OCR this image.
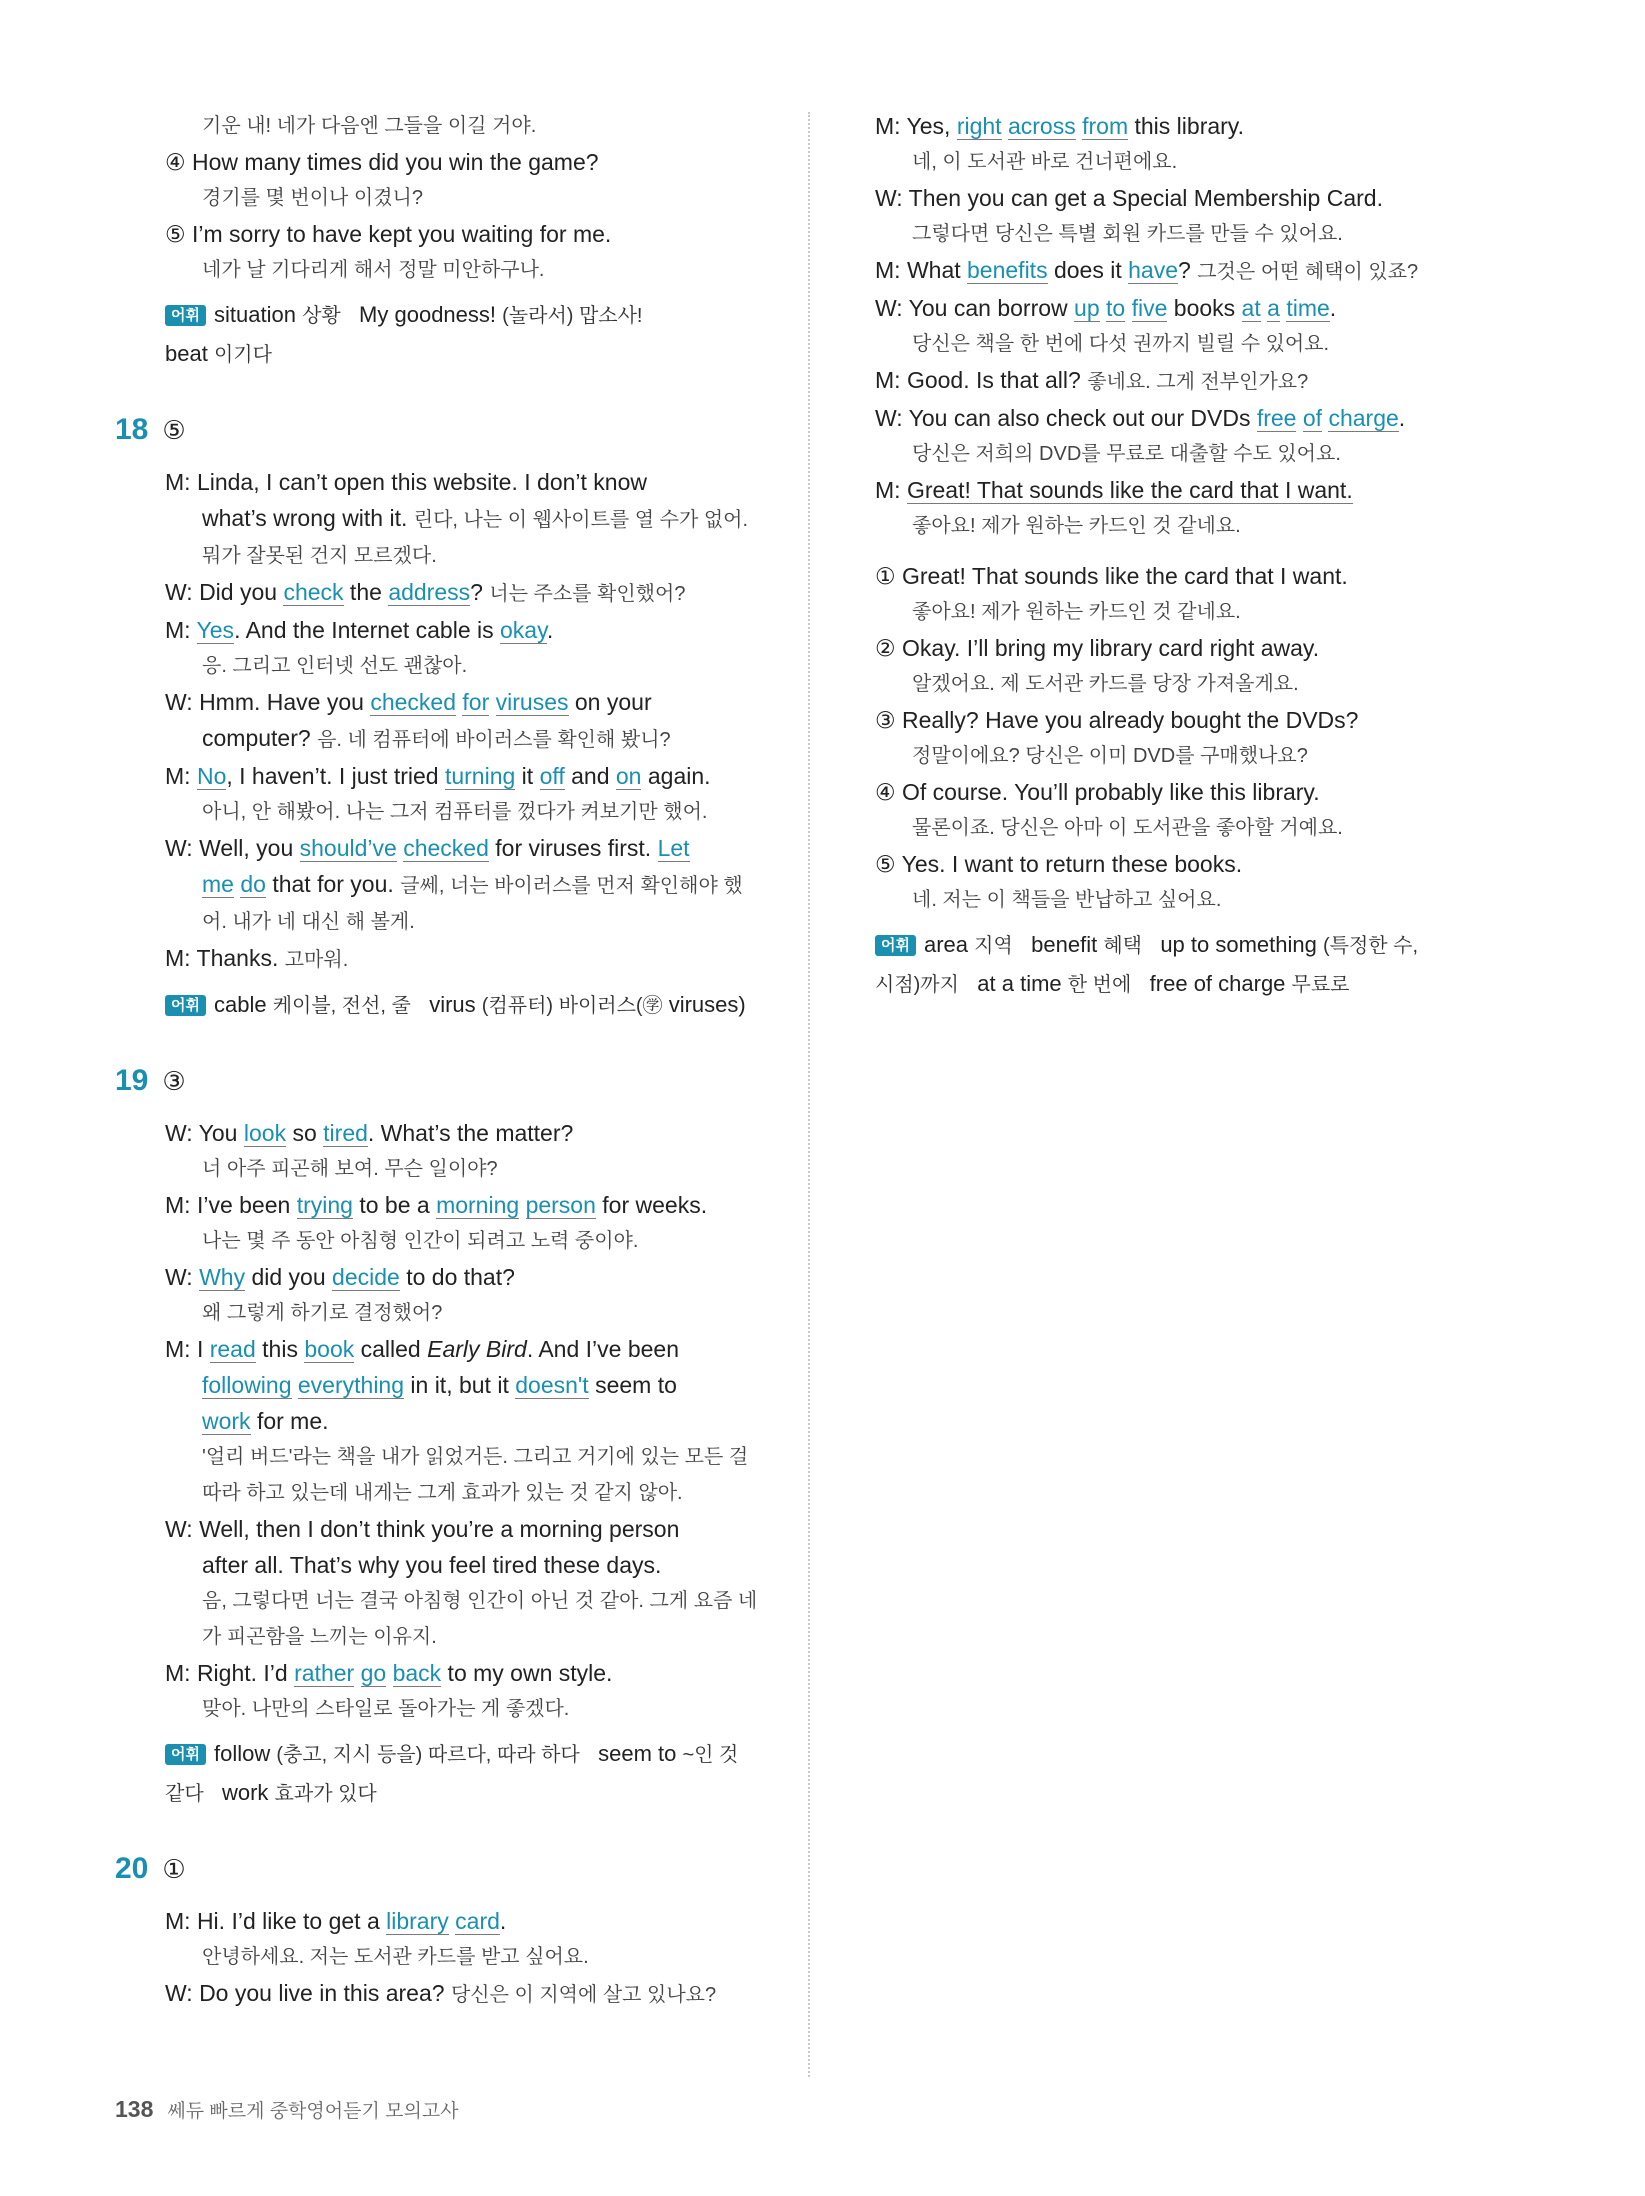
기운 내! 네가 다음엔 그들을 이길 거야.
④ How many times did you win the game?
경기를 몇 번이나 이겼니?
⑤ I’m sorry to have kept you waiting for me.
네가 날 기다리게 해서 정말 미안하구나.
어휘 situation 상황 My goodness! (놀라서) 맙소사!
beat 이기다
18 ⑤
M: Linda, I can’t open this website. I don’t know
what’s wrong with it. 린다, 나는 이 웹사이트를 열 수가 없어.
뭐가 잘못된 건지 모르겠다.
W: Did you check the address? 너는 주소를 확인했어?
M: Yes. And the Internet cable is okay.
응. 그리고 인터넷 선도 괜찮아.
W: Hmm. Have you checked for viruses on your
computer? 음. 네 컴퓨터에 바이러스를 확인해 봤니?
M: No, I haven’t. I just tried turning it off and on again.
아니, 안 해봤어. 나는 그저 컴퓨터를 껐다가 켜보기만 했어.
W: Well, you should’ve checked for viruses first. Let
me do that for you. 글쎄, 너는 바이러스를 먼저 확인해야 했
어. 내가 네 대신 해 볼게.
M: Thanks. 고마워.
어휘 cable 케이블, 전선, 줄 virus (컴퓨터) 바이러스(㊫ viruses)
19 ③
W: You look so tired. What’s the matter?
너 아주 피곤해 보여. 무슨 일이야?
M: I’ve been trying to be a morning person for weeks.
나는 몇 주 동안 아침형 인간이 되려고 노력 중이야.
W: Why did you decide to do that?
왜 그렇게 하기로 결정했어?
M: I read this book called Early Bird. And I’ve been
following everything in it, but it doesn't seem to
work for me.
'얼리 버드'라는 책을 내가 읽었거든. 그리고 거기에 있는 모든 걸
따라 하고 있는데 내게는 그게 효과가 있는 것 같지 않아.
W: Well, then I don’t think you’re a morning person
after all. That’s why you feel tired these days.
음, 그렇다면 너는 결국 아침형 인간이 아닌 것 같아. 그게 요즘 네
가 피곤함을 느끼는 이유지.
M: Right. I’d rather go back to my own style.
맞아. 나만의 스타일로 돌아가는 게 좋겠다.
어휘 follow (충고, 지시 등을) 따르다, 따라 하다 seem to ~인 것
같다 work 효과가 있다
20 ①
M: Hi. I’d like to get a library card.
안녕하세요. 저는 도서관 카드를 받고 싶어요.
W: Do you live in this area? 당신은 이 지역에 살고 있나요?
M: Yes, right across from this library.
네, 이 도서관 바로 건너편에요.
W: Then you can get a Special Membership Card.
그렇다면 당신은 특별 회원 카드를 만들 수 있어요.
M: What benefits does it have? 그것은 어떤 혜택이 있죠?
W: You can borrow up to five books at a time.
당신은 책을 한 번에 다섯 권까지 빌릴 수 있어요.
M: Good. Is that all? 좋네요. 그게 전부인가요?
W: You can also check out our DVDs free of charge.
당신은 저희의 DVD를 무료로 대출할 수도 있어요.
M: Great! That sounds like the card that I want.
좋아요! 제가 원하는 카드인 것 같네요.
① Great! That sounds like the card that I want.
좋아요! 제가 원하는 카드인 것 같네요.
② Okay. I’ll bring my library card right away.
알겠어요. 제 도서관 카드를 당장 가져올게요.
③ Really? Have you already bought the DVDs?
정말이에요? 당신은 이미 DVD를 구매했나요?
④ Of course. You’ll probably like this library.
물론이죠. 당신은 아마 이 도서관을 좋아할 거예요.
⑤ Yes. I want to return these books.
네. 저는 이 책들을 반납하고 싶어요.
어휘 area 지역 benefit 혜택 up to something (특정한 수,
시점)까지 at a time 한 번에 free of charge 무료로
138 쎄듀 빠르게 중학영어듣기 모의고사
